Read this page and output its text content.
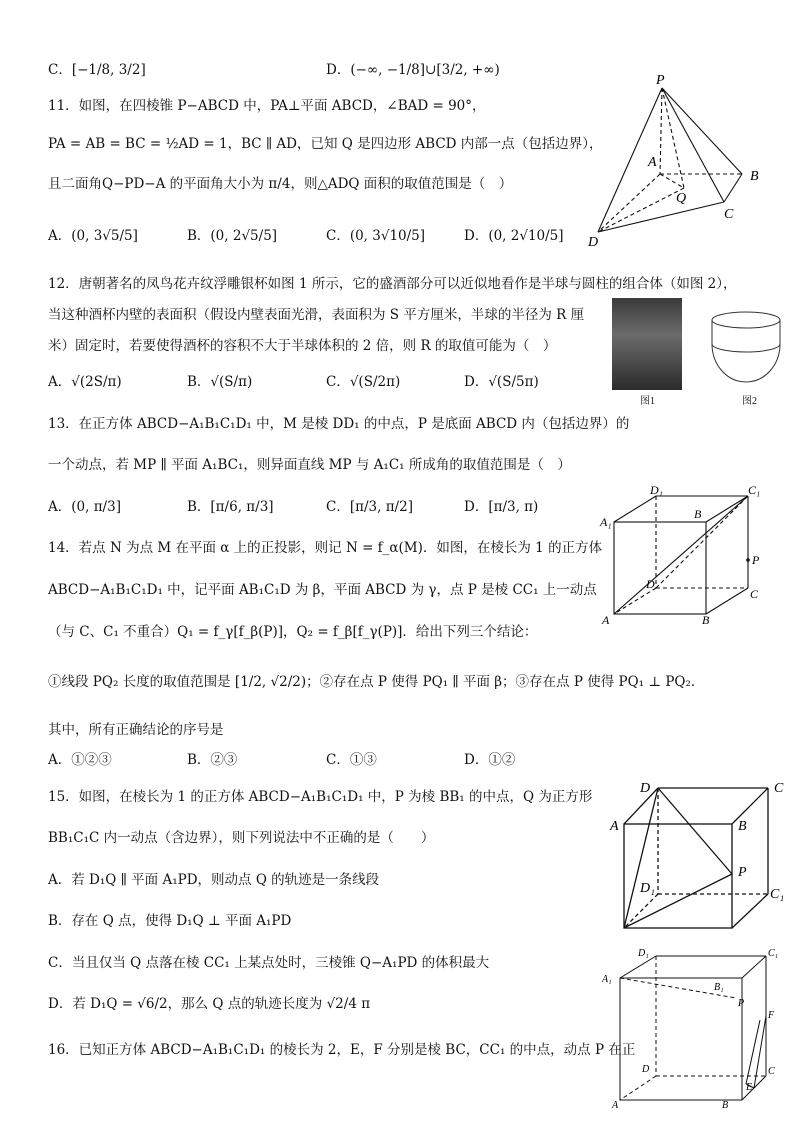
C．[−1/8, 3/2]	D．(−∞, −1/8]∪[3/2, +∞)
11．如图，在四棱锥 P−ABCD 中，PA⊥平面 ABCD，∠BAD = 90°，
PA = AB = BC = ½AD = 1，BC ∥ AD，已知 Q 是四边形 ABCD 内部一点（包括边界），
且二面角Q−PD−A 的平面角大小为 π/4，则△ADQ 面积的取值范围是（　）
A．(0, 3√5/5]	B．(0, 2√5/5]	C．(0, 3√10/5]	D．(0, 2√10/5]
P
A
B
Q
C
D
12．唐朝著名的凤鸟花卉纹浮雕银杯如图 1 所示，它的盛酒部分可以近似地看作是半球与圆柱的组合体（如图 2），
当这种酒杯内壁的表面积（假设内壁表面光滑，表面积为 S 平方厘米，半球的半径为 R 厘
米）固定时，若要使得酒杯的容积不大于半球体积的 2 倍，则 R 的取值可能为（　）
A．√(2S/π)	B．√(S/π)	C．√(S/2π)	D．√(S/5π)
图1	图2
13．在正方体 ABCD−A₁B₁C₁D₁ 中，M 是棱 DD₁ 的中点，P 是底面 ABCD 内（包括边界）的
一个动点，若 MP ∥ 平面 A₁BC₁，则异面直线 MP 与 A₁C₁ 所成角的取值范围是（　）
A．(0, π/3]	B．[π/6, π/3]	C．[π/3, π/2]	D．[π/3, π)
D₁	C₁
A₁
B
P
D
C
A	B
14．若点 N 为点 M 在平面 α 上的正投影，则记 N = f_α(M)．如图，在棱长为 1 的正方体
ABCD−A₁B₁C₁D₁ 中，记平面 AB₁C₁D 为 β，平面 ABCD 为 γ，点 P 是棱 CC₁ 上一动点
（与 C、C₁ 不重合）Q₁ = f_γ[f_β(P)]，Q₂ = f_β[f_γ(P)]．给出下列三个结论：
①线段 PQ₂ 长度的取值范围是 [1/2, √2/2)；②存在点 P 使得 PQ₁ ∥ 平面 β；③存在点 P 使得 PQ₁ ⊥ PQ₂．
其中，所有正确结论的序号是
A．①②③	B．②③	C．①③	D．①②
15．如图，在棱长为 1 的正方体 ABCD−A₁B₁C₁D₁ 中，P 为棱 BB₁ 的中点，Q 为正方形
BB₁C₁C 内一动点（含边界），则下列说法中不正确的是（　　）
A．若 D₁Q ∥ 平面 A₁PD，则动点 Q 的轨迹是一条线段
B．存在 Q 点，使得 D₁Q ⊥ 平面 A₁PD
C．当且仅当 Q 点落在棱 CC₁ 上某点处时，三棱锥 Q−A₁PD 的体积最大
D．若 D₁Q = √6/2，那么 Q 点的轨迹长度为 √2/4 π
D	C
A	B
D₁
P
C₁
16．已知正方体 ABCD−A₁B₁C₁D₁ 的棱长为 2，E，F 分别是棱 BC，CC₁ 的中点，动点 P 在正
D₁	C₁
A₁
B₁
P
F
D	C
E
A	B
